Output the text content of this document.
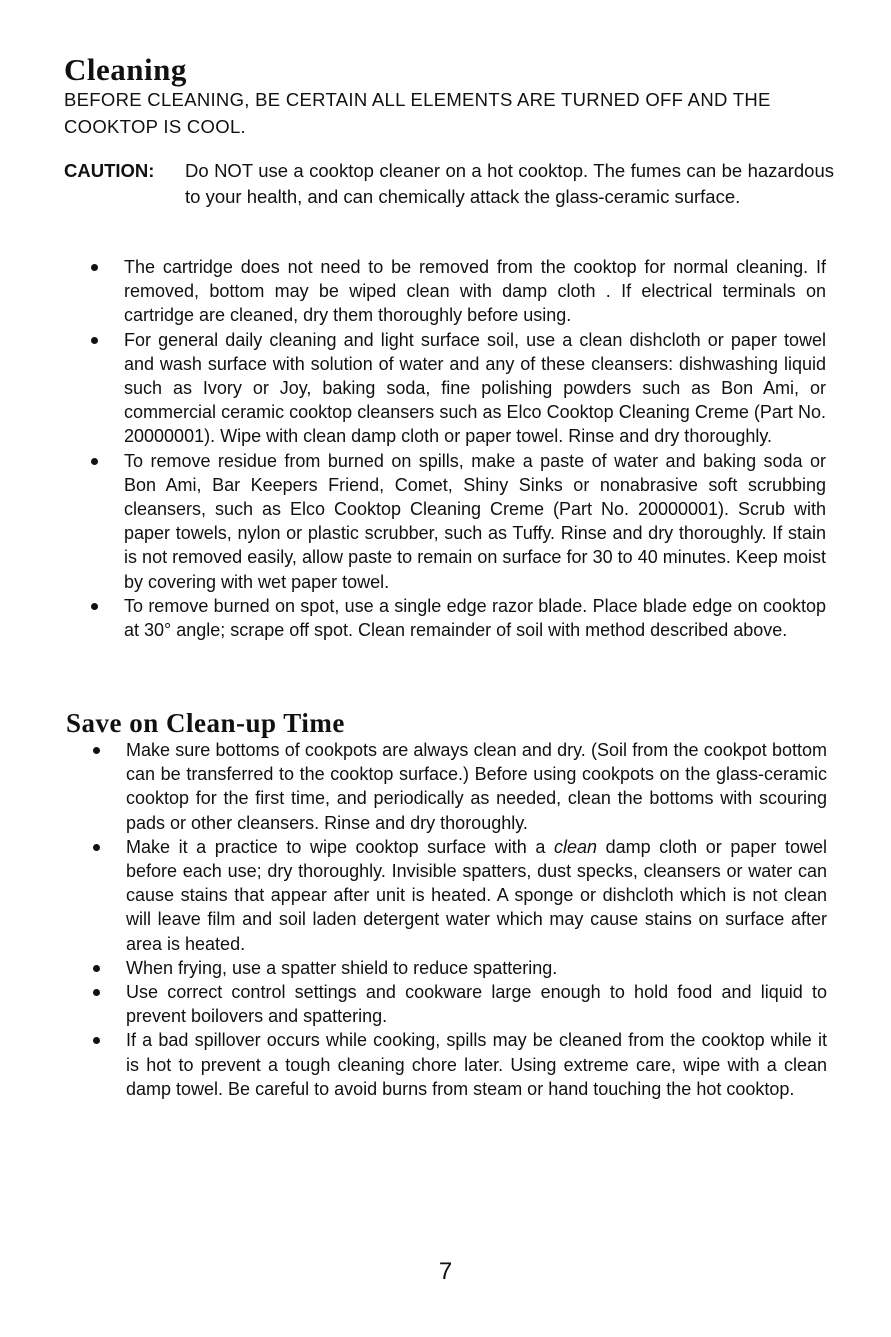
Cleaning
BEFORE CLEANING, BE CERTAIN ALL ELEMENTS ARE TURNED OFF AND THE COOKTOP IS COOL.
CAUTION: Do NOT use a cooktop cleaner on a hot cooktop. The fumes can be hazardous to your health, and can chemically attack the glass-ceramic surface.
The cartridge does not need to be removed from the cooktop for normal cleaning. If removed, bottom may be wiped clean with damp cloth . If electrical terminals on cartridge are cleaned, dry them thoroughly before using.
For general daily cleaning and light surface soil, use a clean dishcloth or paper towel and wash surface with solution of water and any of these cleansers: dishwashing liquid such as Ivory or Joy, baking soda, fine polishing powders such as Bon Ami, or commercial ceramic cooktop cleansers such as Elco Cooktop Cleaning Creme (Part No. 20000001). Wipe with clean damp cloth or paper towel. Rinse and dry thoroughly.
To remove residue from burned on spills, make a paste of water and baking soda or Bon Ami, Bar Keepers Friend, Comet, Shiny Sinks or nonabrasive soft scrubbing cleansers, such as Elco Cooktop Cleaning Creme (Part No. 20000001). Scrub with paper towels, nylon or plastic scrubber, such as Tuffy. Rinse and dry thoroughly. If stain is not removed easily, allow paste to remain on surface for 30 to 40 minutes. Keep moist by covering with wet paper towel.
To remove burned on spot, use a single edge razor blade. Place blade edge on cooktop at 30° angle; scrape off spot. Clean remainder of soil with method described above.
Save on Clean-up Time
Make sure bottoms of cookpots are always clean and dry. (Soil from the cookpot bottom can be transferred to the cooktop surface.) Before using cookpots on the glass-ceramic cooktop for the first time, and periodically as needed, clean the bottoms with scouring pads or other cleansers. Rinse and dry thoroughly.
Make it a practice to wipe cooktop surface with a clean damp cloth or paper towel before each use; dry thoroughly. Invisible spatters, dust specks, cleansers or water can cause stains that appear after unit is heated. A sponge or dishcloth which is not clean will leave film and soil laden detergent water which may cause stains on surface after area is heated.
When frying, use a spatter shield to reduce spattering.
Use correct control settings and cookware large enough to hold food and liquid to prevent boilovers and spattering.
If a bad spillover occurs while cooking, spills may be cleaned from the cooktop while it is hot to prevent a tough cleaning chore later. Using extreme care, wipe with a clean damp towel. Be careful to avoid burns from steam or hand touching the hot cooktop.
7
